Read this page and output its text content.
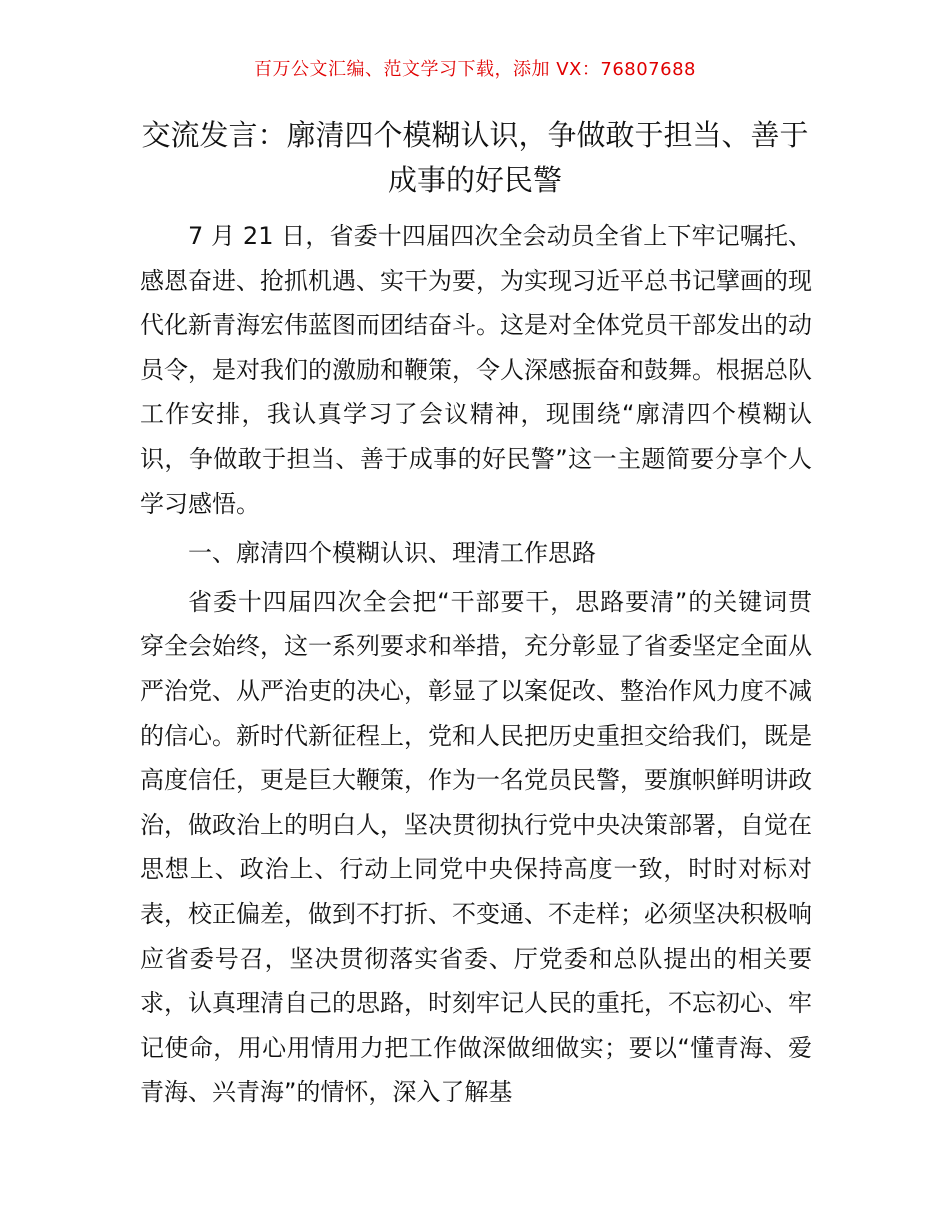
百万公文汇编、范文学习下载，添加 VX：76807688
交流发言：廓清四个模糊认识，争做敢于担当、善于成事的好民警

7 月 21 日，省委十四届四次全会动员全省上下牢记嘱托、感恩奋进、抢抓机遇、实干为要，为实现习近平总书记擘画的现代化新青海宏伟蓝图而团结奋斗。这是对全体党员干部发出的动员令，是对我们的激励和鞭策，令人深感振奋和鼓舞。根据总队工作安排，我认真学习了会议精神，现围绕“廓清四个模糊认识，争做敢于担当、善于成事的好民警”这一主题简要分享个人学习感悟。

一、廓清四个模糊认识、理清工作思路

省委十四届四次全会把“干部要干，思路要清”的关键词贯穿全会始终，这一系列要求和举措，充分彰显了省委坚定全面从严治党、从严治吏的决心，彰显了以案促改、整治作风力度不减的信心。新时代新征程上，党和人民把历史重担交给我们，既是高度信任，更是巨大鞭策，作为一名党员民警，要旗帜鲜明讲政治，做政治上的明白人，坚决贯彻执行党中央决策部署，自觉在思想上、政治上、行动上同党中央保持高度一致，时时对标对表，校正偏差，做到不打折、不变通、不走样；必须坚决积极响应省委号召，坚决贯彻落实省委、厅党委和总队提出的相关要求，认真理清自己的思路，时刻牢记人民的重托，不忘初心、牢记使命，用心用情用力把工作做深做细做实；要以“懂青海、爱青海、兴青海”的情怀，深入了解基
